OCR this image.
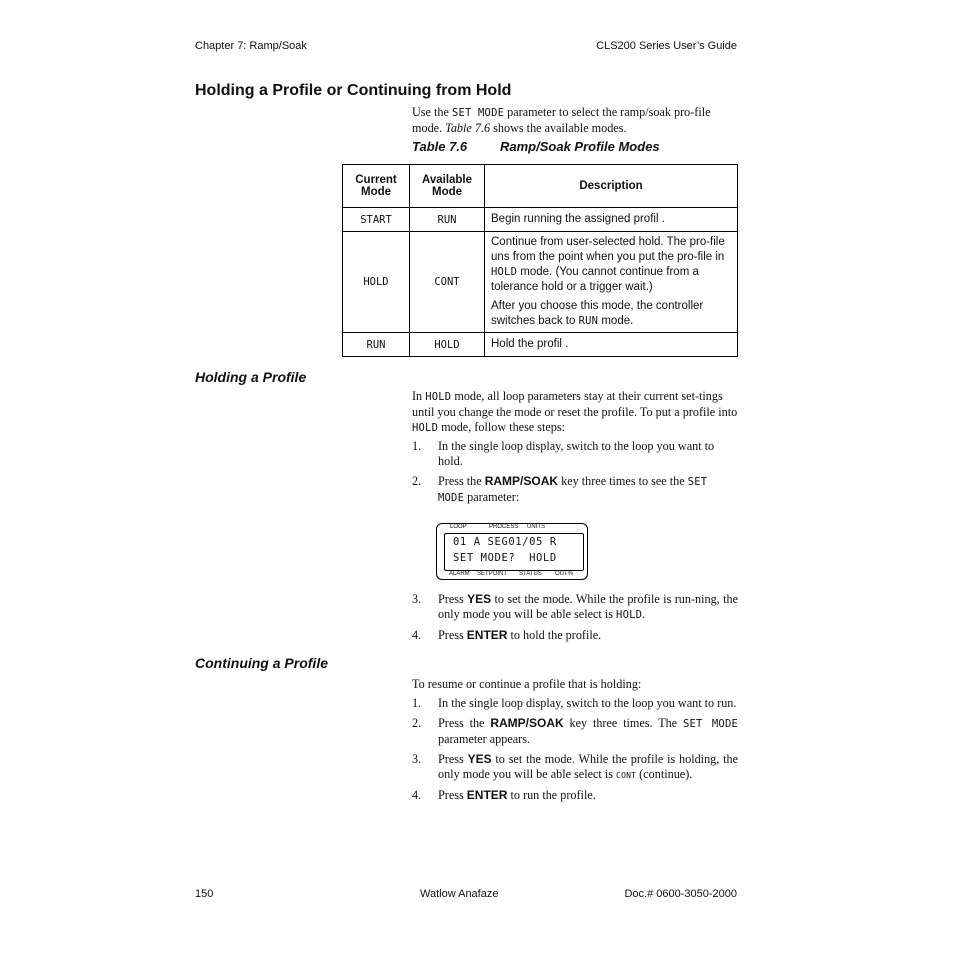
Chapter 7: Ramp/Soak	CLS200 Series User’s Guide
Holding a Profile or Continuing from Hold
Use the SET MODE parameter to select the ramp/soak pro-file mode. Table 7.6 shows the available modes.
Table 7.6	Ramp/Soak Profile Modes
Current Mode	Available Mode	Description
START	RUN	Begin running the assigned profil .
HOLD	CONT	Continue from user-selected hold. The pro-file uns from the point when you put the pro-file in HOLD mode. (You cannot continue from a tolerance hold or a trigger wait.)

After you choose this mode, the controller switches back to RUN mode.

RUN	HOLD	Hold the profil .
Holding a Profile
In HOLD mode, all loop parameters stay at their current set-tings until you change the mode or reset the profile. To put a profile into HOLD mode, follow these steps:
1. In the single loop display, switch to the loop you want to hold.
2. Press the RAMP/SOAK key three times to see the SET MODE parameter:
LOOP	PROCESS UNITS
01 A SEG01/05 R
SET MODE?  HOLD
ALARM SETPOINT STATUS OUT%
3. Press YES to set the mode. While the profile is run-ning, the only mode you will be able select is HOLD.
4. Press ENTER to hold the profile.
Continuing a Profile
To resume or continue a profile that is holding:
1. In the single loop display, switch to the loop you want to run.
2. Press the RAMP/SOAK key three times. The SET MODE parameter appears.
3. Press YES to set the mode. While the profile is holding, the only mode you will be able select is CONT (continue).
4. Press ENTER to run the profile.
150	Watlow Anafaze	Doc.# 0600-3050-2000
